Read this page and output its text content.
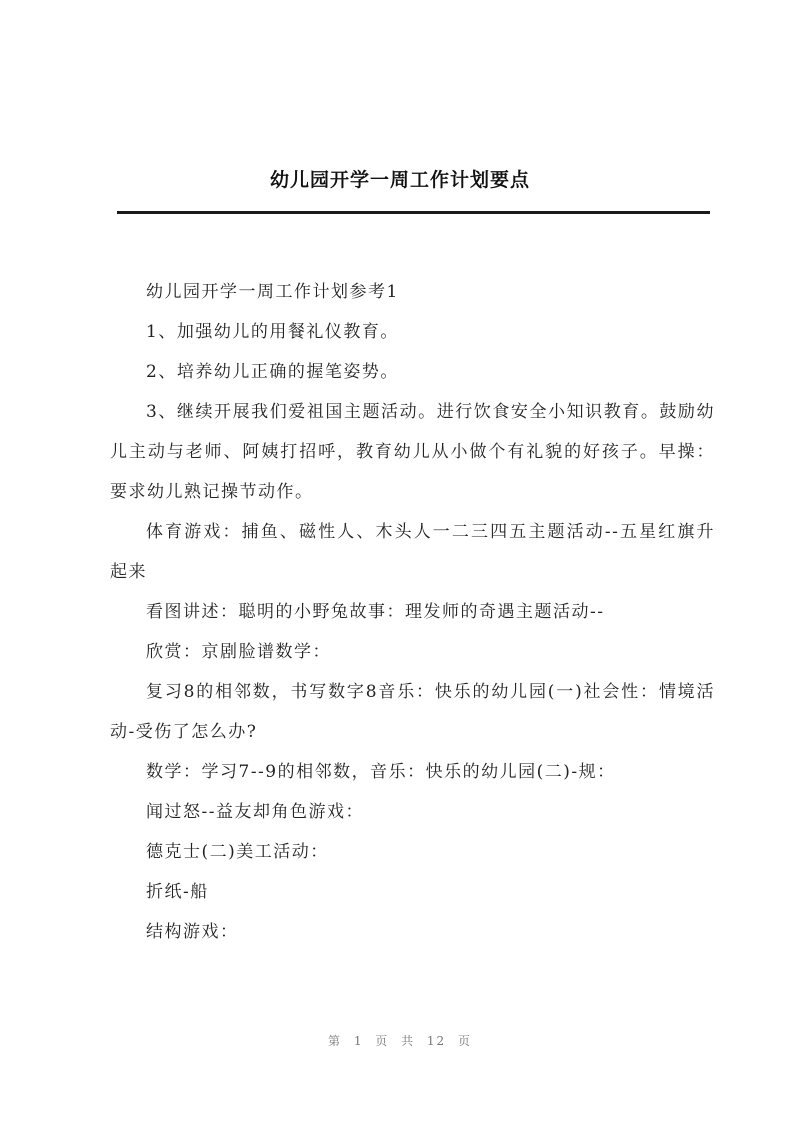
幼儿园开学一周工作计划要点

幼儿园开学一周工作计划参考1

1、加强幼儿的用餐礼仪教育。

2、培养幼儿正确的握笔姿势。

3、继续开展我们爱祖国主题活动。进行饮食安全小知识教育。鼓励幼儿主动与老师、阿姨打招呼，教育幼儿从小做个有礼貌的好孩子。早操：要求幼儿熟记操节动作。

体育游戏：捕鱼、磁性人、木头人一二三四五主题活动--五星红旗升起来

看图讲述：聪明的小野兔故事：理发师的奇遇主题活动--

欣赏：京剧脸谱数学：

复习8的相邻数，书写数字8音乐：快乐的幼儿园(一)社会性：情境活动-受伤了怎么办?

数学：学习7--9的相邻数，音乐：快乐的幼儿园(二)-规：

闻过怒--益友却角色游戏：

德克士(二)美工活动：

折纸-船

结构游戏：

第 1 页 共 12 页
